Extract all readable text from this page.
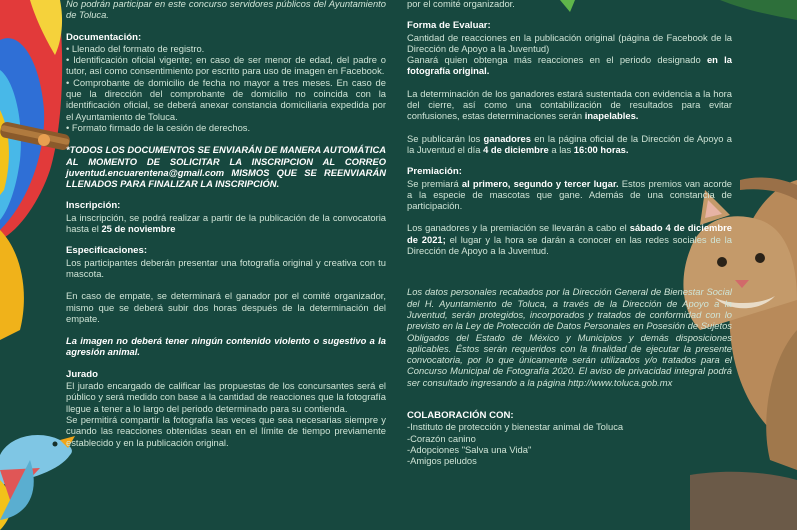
No podrán participar en este concurso servidores públicos del Ayuntamiento de Toluca.

Documentación:

• Llenado del formato de registro.

• Identificación oficial vigente; en caso de ser menor de edad, del padre o tutor, así como consentimiento por escrito para uso de imagen en Facebook.

• Comprobante de domicilio de fecha no mayor a tres meses. En caso de que la dirección del comprobante de domicilio no coincida con la identificación oficial, se deberá anexar constancia domiciliaria expedida por el Ayuntamiento de Toluca.

• Formato firmado de la cesión de derechos.

*TODOS LOS DOCUMENTOS SE ENVIARÁN DE MANERA AUTOMÁTICA AL MOMENTO DE SOLICITAR LA INSCRIPCION AL CORREO juventud.encuarentena@gmail.com MISMOS QUE SE REENVIARÁN LLENADOS PARA FINALIZAR LA INSCRIPCIÓN.

Inscripción:

La inscripción, se podrá realizar a partir de la publicación de la convocatoria hasta el 25 de noviembre

Especificaciones:

Los participantes deberán presentar una fotografía original y creativa con tu mascota.

En caso de empate, se determinará el ganador por el comité organizador, mismo que se deberá subir dos horas después de la determinación del empate.

La imagen no deberá tener ningún contenido violento o sugestivo a la agresión animal.

Jurado

El jurado encargado de calificar las propuestas de los concursantes será el público y será medido con base a la cantidad de reacciones que la fotografía llegue a tener a lo largo del periodo determinado para su contienda.

Se permitirá compartir la fotografía las veces que sea necesarias siempre y cuando las reacciones obtenidas sean en el límite de tiempo previamente establecido y en la publicación original.

por el comité organizador.

Forma de Evaluar:

Cantidad de reacciones en la publicación original (página de Facebook de la Dirección de Apoyo a la Juventud)

Ganará quien obtenga más reacciones en el periodo designado en la fotografía original.

La determinación de los ganadores estará sustentada con evidencia a la hora del cierre, así como una contabilización de resultados para evitar confusiones, estas determinaciones serán inapelables.

Se publicarán los ganadores en la página oficial de la Dirección de Apoyo a la Juventud el día 4 de diciembre a las 16:00 horas.

Premiación:

Se premiará al primero, segundo y tercer lugar. Estos premios van acorde a la especie de mascotas que gane. Además de una constancia de participación.

Los ganadores y la premiación se llevarán a cabo el sábado 4 de diciembre de 2021; el lugar y la hora se darán a conocer en las redes sociales de la Dirección de Apoyo a la Juventud.

Los datos personales recabados por la Dirección General de Bienestar Social del H. Ayuntamiento de Toluca, a través de la Dirección de Apoyo a la Juventud, serán protegidos, incorporados y tratados de conformidad con lo previsto en la Ley de Protección de Datos Personales en Posesión de Sujetos Obligados del Estado de México y Municipios y demás disposiciones aplicables. Éstos serán requeridos con la finalidad de ejecutar la presente convocatoria, por lo que únicamente serán utilizados y/o tratados para el Concurso Municipal de Fotografía 2020. El aviso de privacidad integral podrá ser consultado ingresando a la página http://www.toluca.gob.mx

COLABORACIÓN CON:

-Instituto de protección y bienestar animal de Toluca

-Corazón canino

-Adopciones "Salva una Vida"

-Amigos peludos
